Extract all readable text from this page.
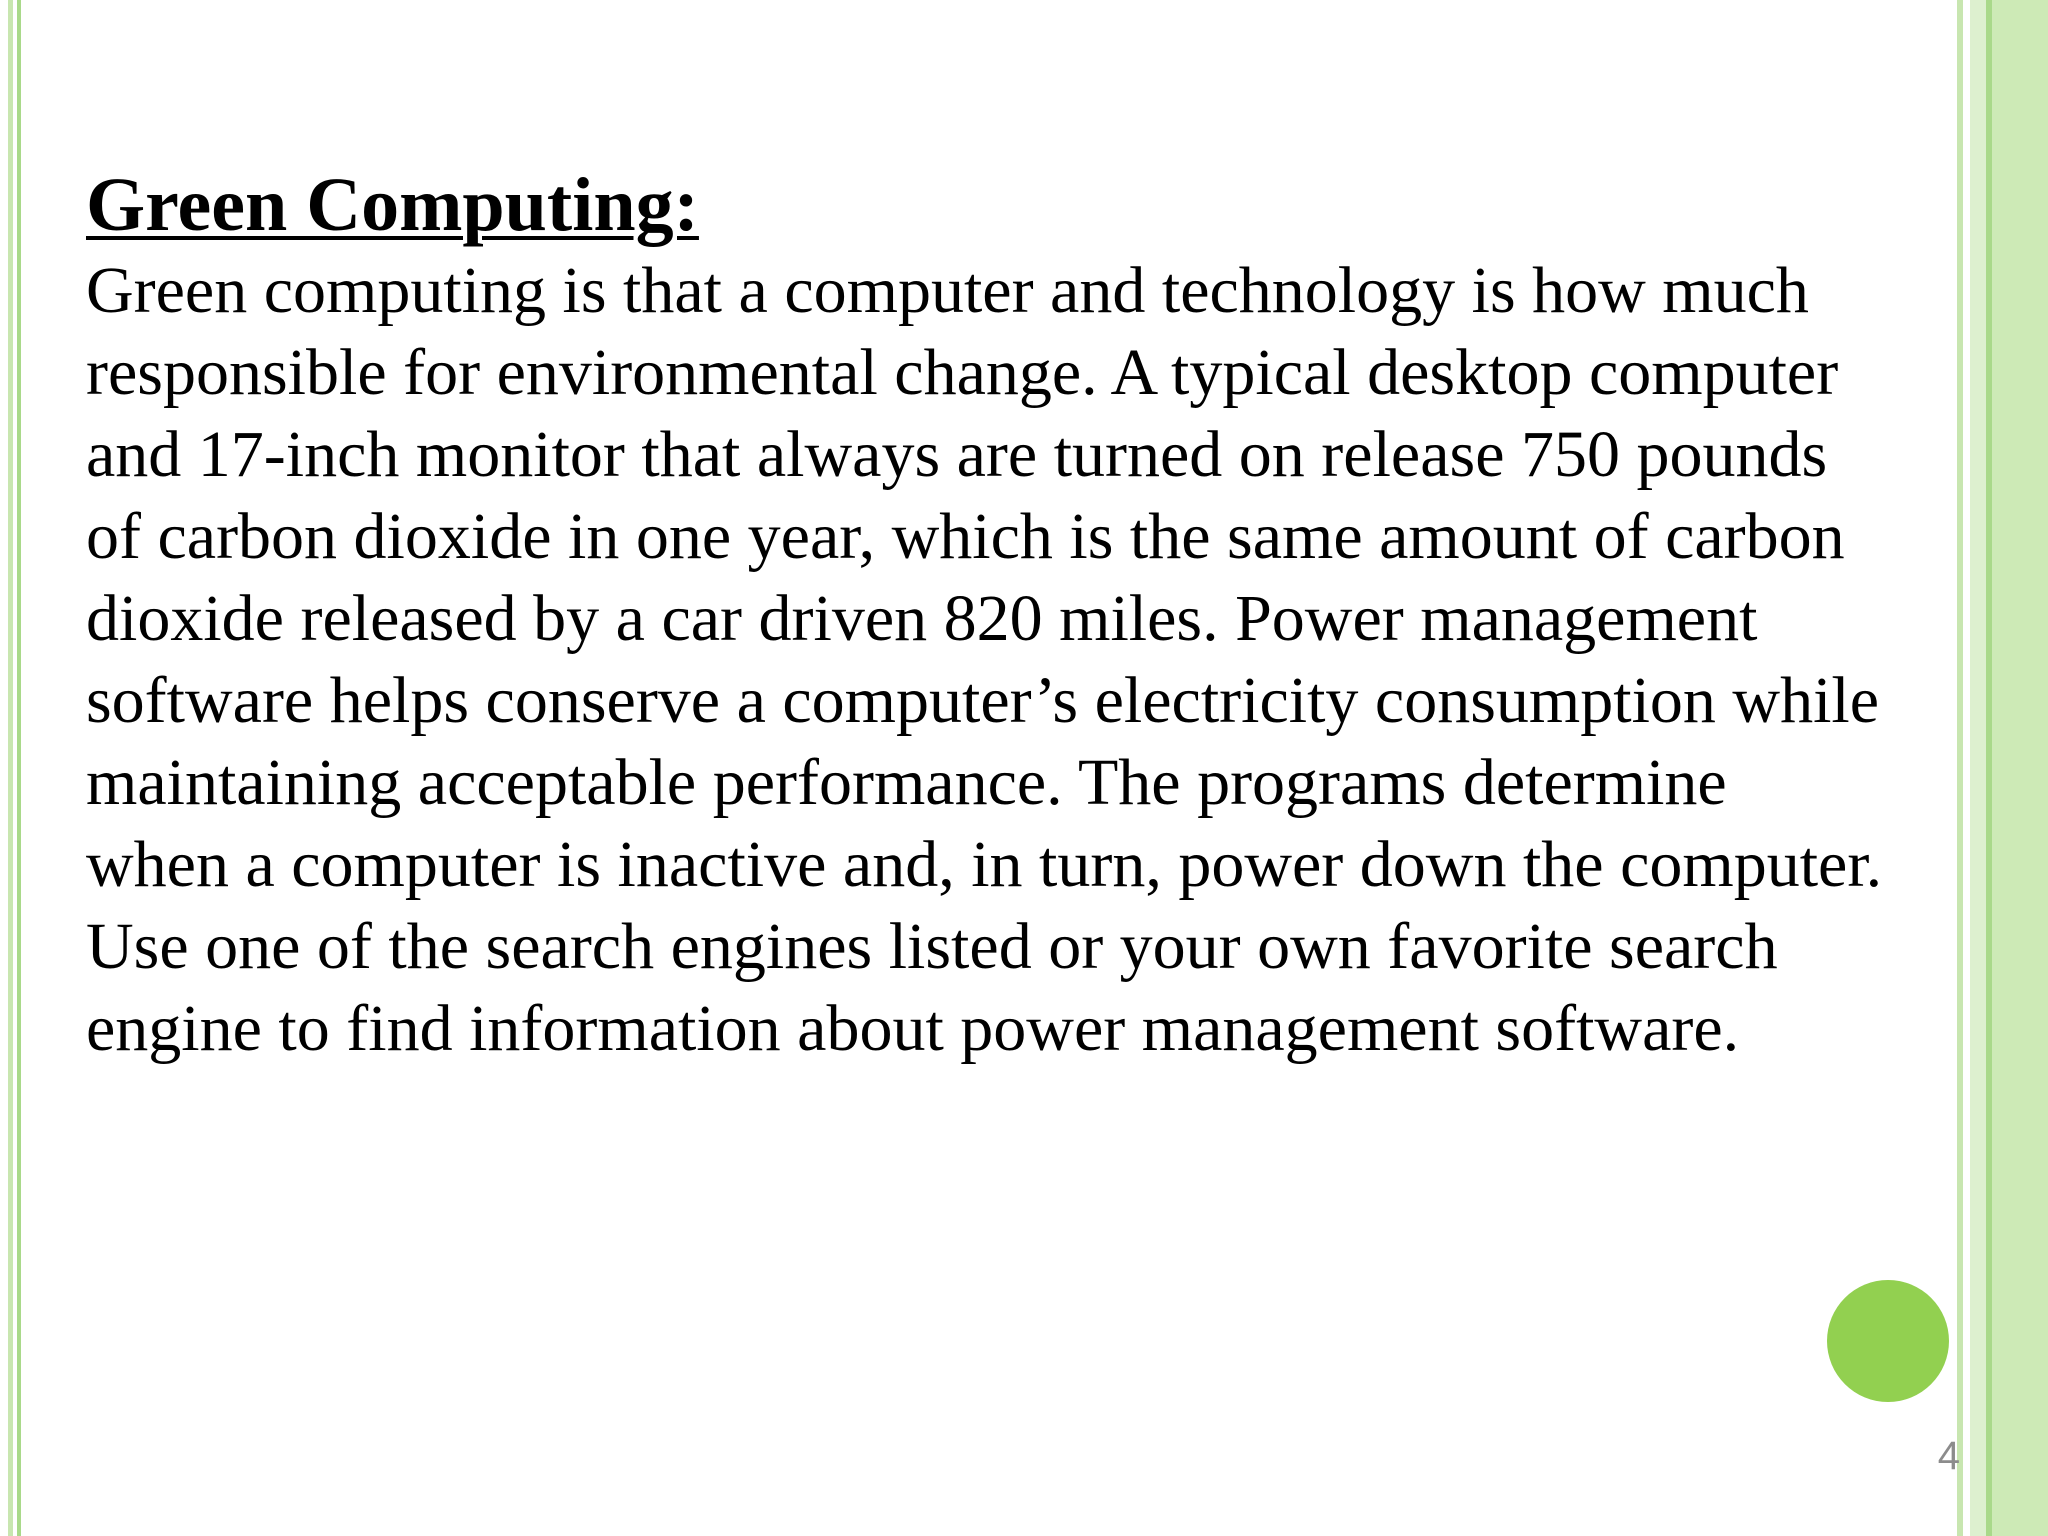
Green Computing:

Green computing is that a computer and technology is how much
responsible for environmental change. A typical desktop computer
and 17-inch monitor that always are turned on release 750 pounds
of carbon dioxide in one year, which is the same amount of carbon
dioxide released by a car driven 820 miles. Power management
software helps conserve a computer’s electricity consumption while
maintaining acceptable performance. The programs determine
when a computer is inactive and, in turn, power down the computer.
Use one of the search engines listed or your own favorite search
engine to find information about power management software.

4
